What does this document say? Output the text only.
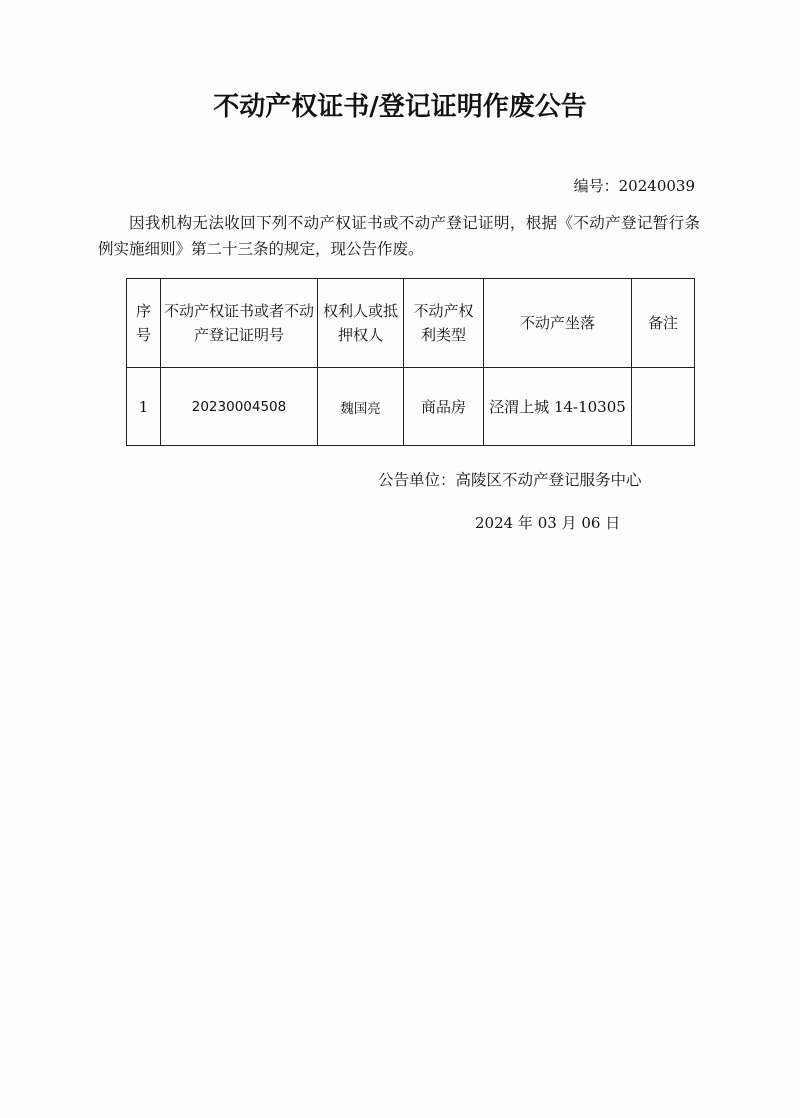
不动产权证书/登记证明作废公告
编号：20240039
因我机构无法收回下列不动产权证书或不动产登记证明，根据《不动产登记暂行条例实施细则》第二十三条的规定，现公告作废。
序号	不动产权证书或者不动产登记证明号	权利人或抵押权人	不动产权利类型	不动产坐落	备注
1	20230004508	魏国亮	商品房	泾渭上城 14-10305	
公告单位：高陵区不动产登记服务中心
2024 年 03 月 06 日
